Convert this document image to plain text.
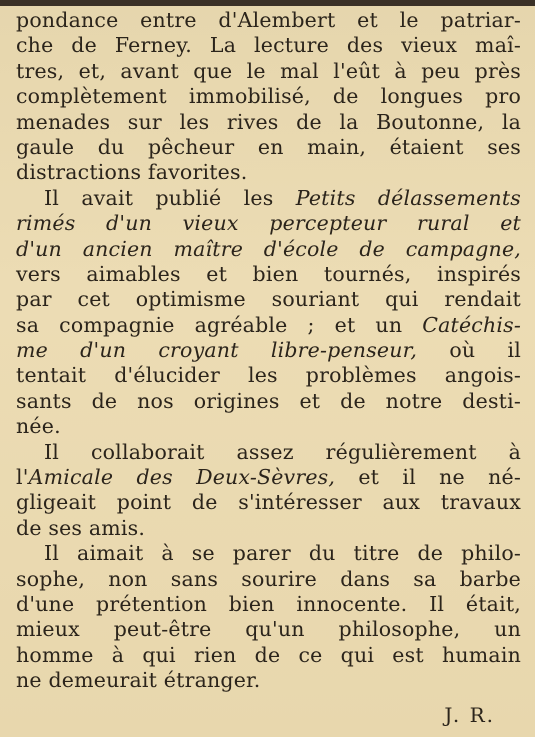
pondance entre d'Alembert et le patriar-
che de Ferney. La lecture des vieux maî-
tres, et, avant que le mal l'eût à peu près
complètement immobilisé, de longues pro
menades sur les rives de la Boutonne, la
gaule du pêcheur en main, étaient ses
distractions favorites.
Il avait publié les Petits délassements
rimés d'un vieux percepteur rural et
d'un ancien maître d'école de campagne,
vers aimables et bien tournés, inspirés
par cet optimisme souriant qui rendait
sa compagnie agréable ; et un Catéchis-
me d'un croyant libre-penseur, où il
tentait d'élucider les problèmes angois-
sants de nos origines et de notre desti-
née.
Il collaborait assez régulièrement à
l'Amicale des Deux-Sèvres, et il ne né-
gligeait point de s'intéresser aux travaux
de ses amis.
Il aimait à se parer du titre de philo-
sophe, non sans sourire dans sa barbe
d'une prétention bien innocente. Il était,
mieux peut-être qu'un philosophe, un
homme à qui rien de ce qui est humain
ne demeurait étranger.
J. R.
